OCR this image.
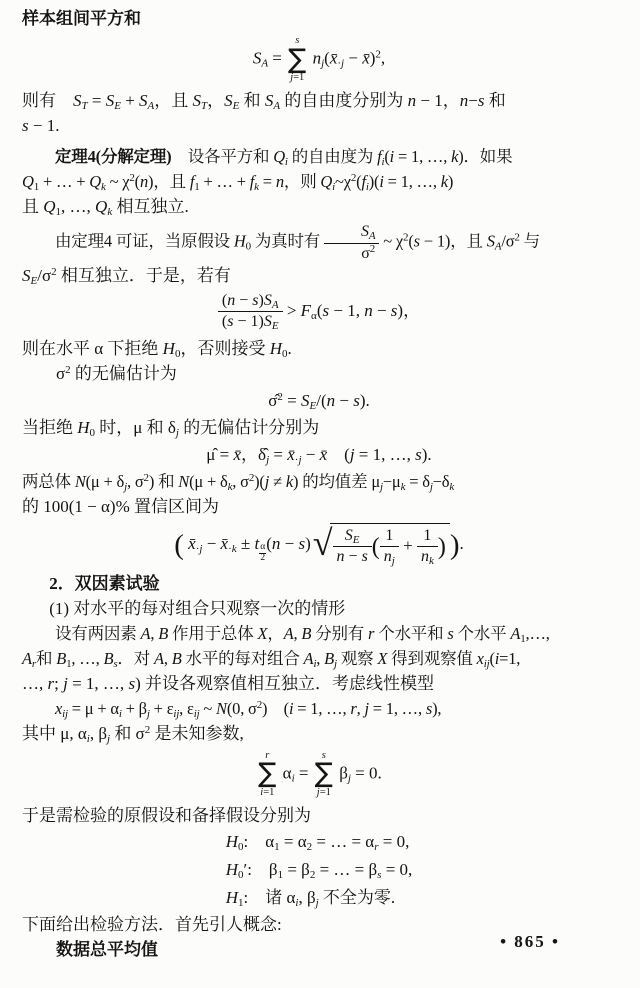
样本组间平方和
$S_A$ =
s
∑
j=1
$n_j(x̄_{\cdot j}$ − x̄)$^2$,

则有　$S_T = S_E + S_A$，且 $S_T$，$S_E$ 和 $S_A$ 的自由度分别为 n − 1，n−s 和

s − 1.

定理4(分解定理)　设各平方和 $Q_i$ 的自由度为 $f_i(i = 1$, …, k)．如果

$Q_1$ + … + $Q_k$ ~ $\chi^2(n)$，且 $f_1$ + … + $f_k = n$，则 $Q_i\sim\chi^2(f_i)(i = 1$, …, k)

且 $Q_1$, …, $Q_k$ 相互独立.

由定理4 可证，当原假设 $H_0$ 为真时有 $\frac{S_A}{\sigma^2}$ ~ $\chi^2(s - 1)$，且 $S_A/\sigma^2$ 与

$S_E/\sigma^2$ 相互独立．于是，若有

$\frac{(n - s)S_A}{(s - 1)S_E} > F_\alpha(s - 1$, n − s)，

则在水平 α 下拒绝 $H_0$，否则接受 $H_0$.

$\sigma^2$ 的无偏估计为

σ̂$^2$ = $S_E/(n - s)$.

当拒绝 $H_0$ 时，μ 和 $\delta_j$ 的无偏估计分别为

μ̂ = x̄，$\deltâ_j$ = $x̄_{\cdot j}$ − x̄　(j = 1, …, s).

两总体 $N(\mu + \delta_j$, $\sigma^2$) 和 $N(\mu + \delta_k$, $\sigma^2)(j \ne k)$ 的均值差 $\mu_j-\mu_k = \delta_j-\delta_k$

的 100(1 − α)% 置信区间为

( $x̄_{\cdot j}$ − $x̄_{\cdot k} \pm t$
$_{\frac{\alpha}{2}}$
$(n - s)√ \frac{S_E}{n - s}$ ( $\frac{1}{n_j} + \frac{1}{n_k}$ ) ).

2．双因素试验

(1) 对水平的每对组合只观察一次的情形

设有两因素 A, B 作用于总体 X，A, B 分别有 r 个水平和 s 个水平 $A_1,\dots$,

$A_r$和 $B_1$, …, $B_s$．对 A, B 水平的每对组合 $A_i$, $B_j$ 观察 X 得到观察值 $x_{ij}(i=1$,

…, r; j = 1, …, s) 并设各观察值相互独立．考虑线性模型

$x_{ij} = \mu + \alpha_i + \beta_j + \varepsilon_{ij}$, $\varepsilon_{ij}$ ~ N(0, $\sigma^2$)　(i = 1, …, r, j = 1, …, s),

其中 μ, $\alpha_i$, $\beta_j$ 和 $\sigma^2$ 是未知参数,

r
∑
i=1
$\alpha_i$ =
s
∑
j=1
$\beta_j = 0$.

于是需检验的原假设和备择假设分别为

$H_0$:　$\alpha_1 = \alpha_2$ = … = $\alpha_r = 0$,

$H_0'$:　$\beta_1 = \beta_2$ = … = $\beta_s = 0$,

$H_1$:　诸 $\alpha_i$, $\beta_j$ 不全为零.

下面给出检验方法．首先引人概念:

数据总平均值	• 865 •
